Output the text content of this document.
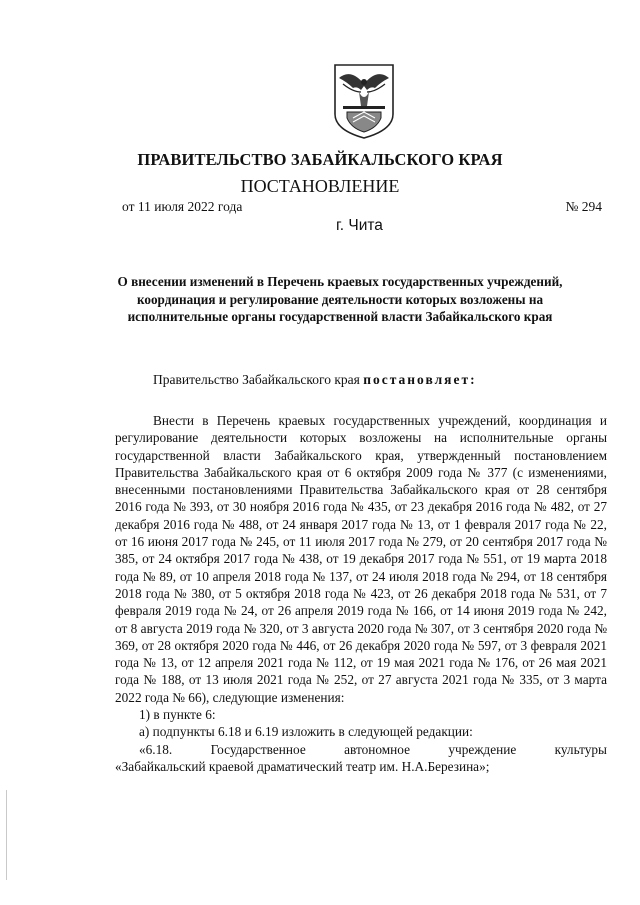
ПРАВИТЕЛЬСТВО ЗАБАЙКАЛЬСКОГО КРАЯ
ПОСТАНОВЛЕНИЕ
от 11 июля 2022 года	№ 294
г. Чита
О внесении изменений в Перечень краевых государственных учреждений, координация и регулирование деятельности которых возложены на исполнительные органы государственной власти Забайкальского края
Правительство Забайкальского края постановляет:

Внести в Перечень краевых государственных учреждений, координация и регулирование деятельности которых возложены на исполнительные органы государственной власти Забайкальского края, утвержденный постановлением Правительства Забайкальского края от 6 октября 2009 года № 377 (с изменениями, внесенными постановлениями Правительства Забайкальского края от 28 сентября 2016 года № 393, от 30 ноября 2016 года № 435, от 23 декабря 2016 года № 482, от 27 декабря 2016 года № 488, от 24 января 2017 года № 13, от 1 февраля 2017 года № 22, от 16 июня 2017 года № 245, от 11 июля 2017 года № 279, от 20 сентября 2017 года № 385, от 24 октября 2017 года № 438, от 19 декабря 2017 года № 551, от 19 марта 2018 года № 89, от 10 апреля 2018 года № 137, от 24 июля 2018 года № 294, от 18 сентября 2018 года № 380, от 5 октября 2018 года № 423, от 26 декабря 2018 года № 531, от 7 февраля 2019 года № 24, от 26 апреля 2019 года № 166, от 14 июня 2019 года № 242, от 8 августа 2019 года № 320, от 3 августа 2020 года № 307, от 3 сентября 2020 года № 369, от 28 октября 2020 года № 446, от 26 декабря 2020 года № 597, от 3 февраля 2021 года № 13, от 12 апреля 2021 года № 112, от 19 мая 2021 года № 176, от 26 мая 2021 года № 188, от 13 июля 2021 года № 252, от 27 августа 2021 года № 335, от 3 марта 2022 года № 66), следующие изменения:

1) в пункте 6:

а) подпункты 6.18 и 6.19 изложить в следующей редакции:

«6.18. Государственное автономное учреждение культуры

«Забайкальский краевой драматический театр им. Н.А.Березина»;
